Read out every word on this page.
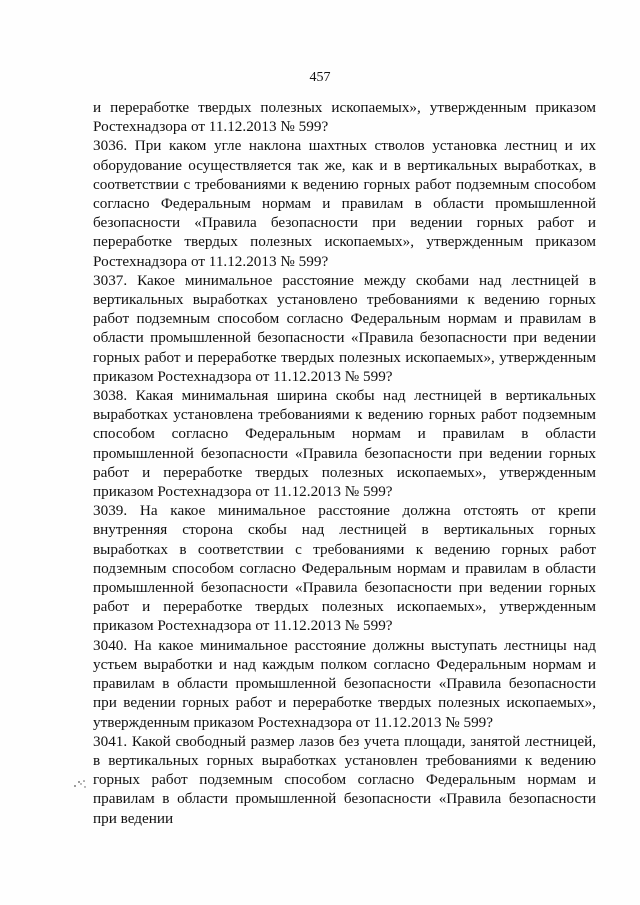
457

и переработке твердых полезных ископаемых», утвержденным приказом Ростехнадзора от 11.12.2013 № 599?

3036. При каком угле наклона шахтных стволов установка лестниц и их оборудование осуществляется так же, как и в вертикальных выработках, в соответствии с требованиями к ведению горных работ подземным способом согласно Федеральным нормам и правилам в области промышленной безопасности «Правила безопасности при ведении горных работ и переработке твердых полезных ископаемых», утвержденным приказом Ростехнадзора от 11.12.2013 № 599?

3037. Какое минимальное расстояние между скобами над лестницей в вертикальных выработках установлено требованиями к ведению горных работ подземным способом согласно Федеральным нормам и правилам в области промышленной безопасности «Правила безопасности при ведении горных работ и переработке твердых полезных ископаемых», утвержденным приказом Ростехнадзора от 11.12.2013 № 599?

3038. Какая минимальная ширина скобы над лестницей в вертикальных выработках установлена требованиями к ведению горных работ подземным способом согласно Федеральным нормам и правилам в области промышленной безопасности «Правила безопасности при ведении горных работ и переработке твердых полезных ископаемых», утвержденным приказом Ростехнадзора от 11.12.2013 № 599?

3039. На какое минимальное расстояние должна отстоять от крепи внутренняя сторона скобы над лестницей в вертикальных горных выработках в соответствии с требованиями к ведению горных работ подземным способом согласно Федеральным нормам и правилам в области промышленной безопасности «Правила безопасности при ведении горных работ и переработке твердых полезных ископаемых», утвержденным приказом Ростехнадзора от 11.12.2013 № 599?

3040. На какое минимальное расстояние должны выступать лестницы над устьем выработки и над каждым полком согласно Федеральным нормам и правилам в области промышленной безопасности «Правила безопасности при ведении горных работ и переработке твердых полезных ископаемых», утвержденным приказом Ростехнадзора от 11.12.2013 № 599?

3041. Какой свободный размер лазов без учета площади, занятой лестницей, в вертикальных горных выработках установлен требованиями к ведению горных работ подземным способом согласно Федеральным нормам и правилам в области промышленной безопасности «Правила безопасности при ведении
